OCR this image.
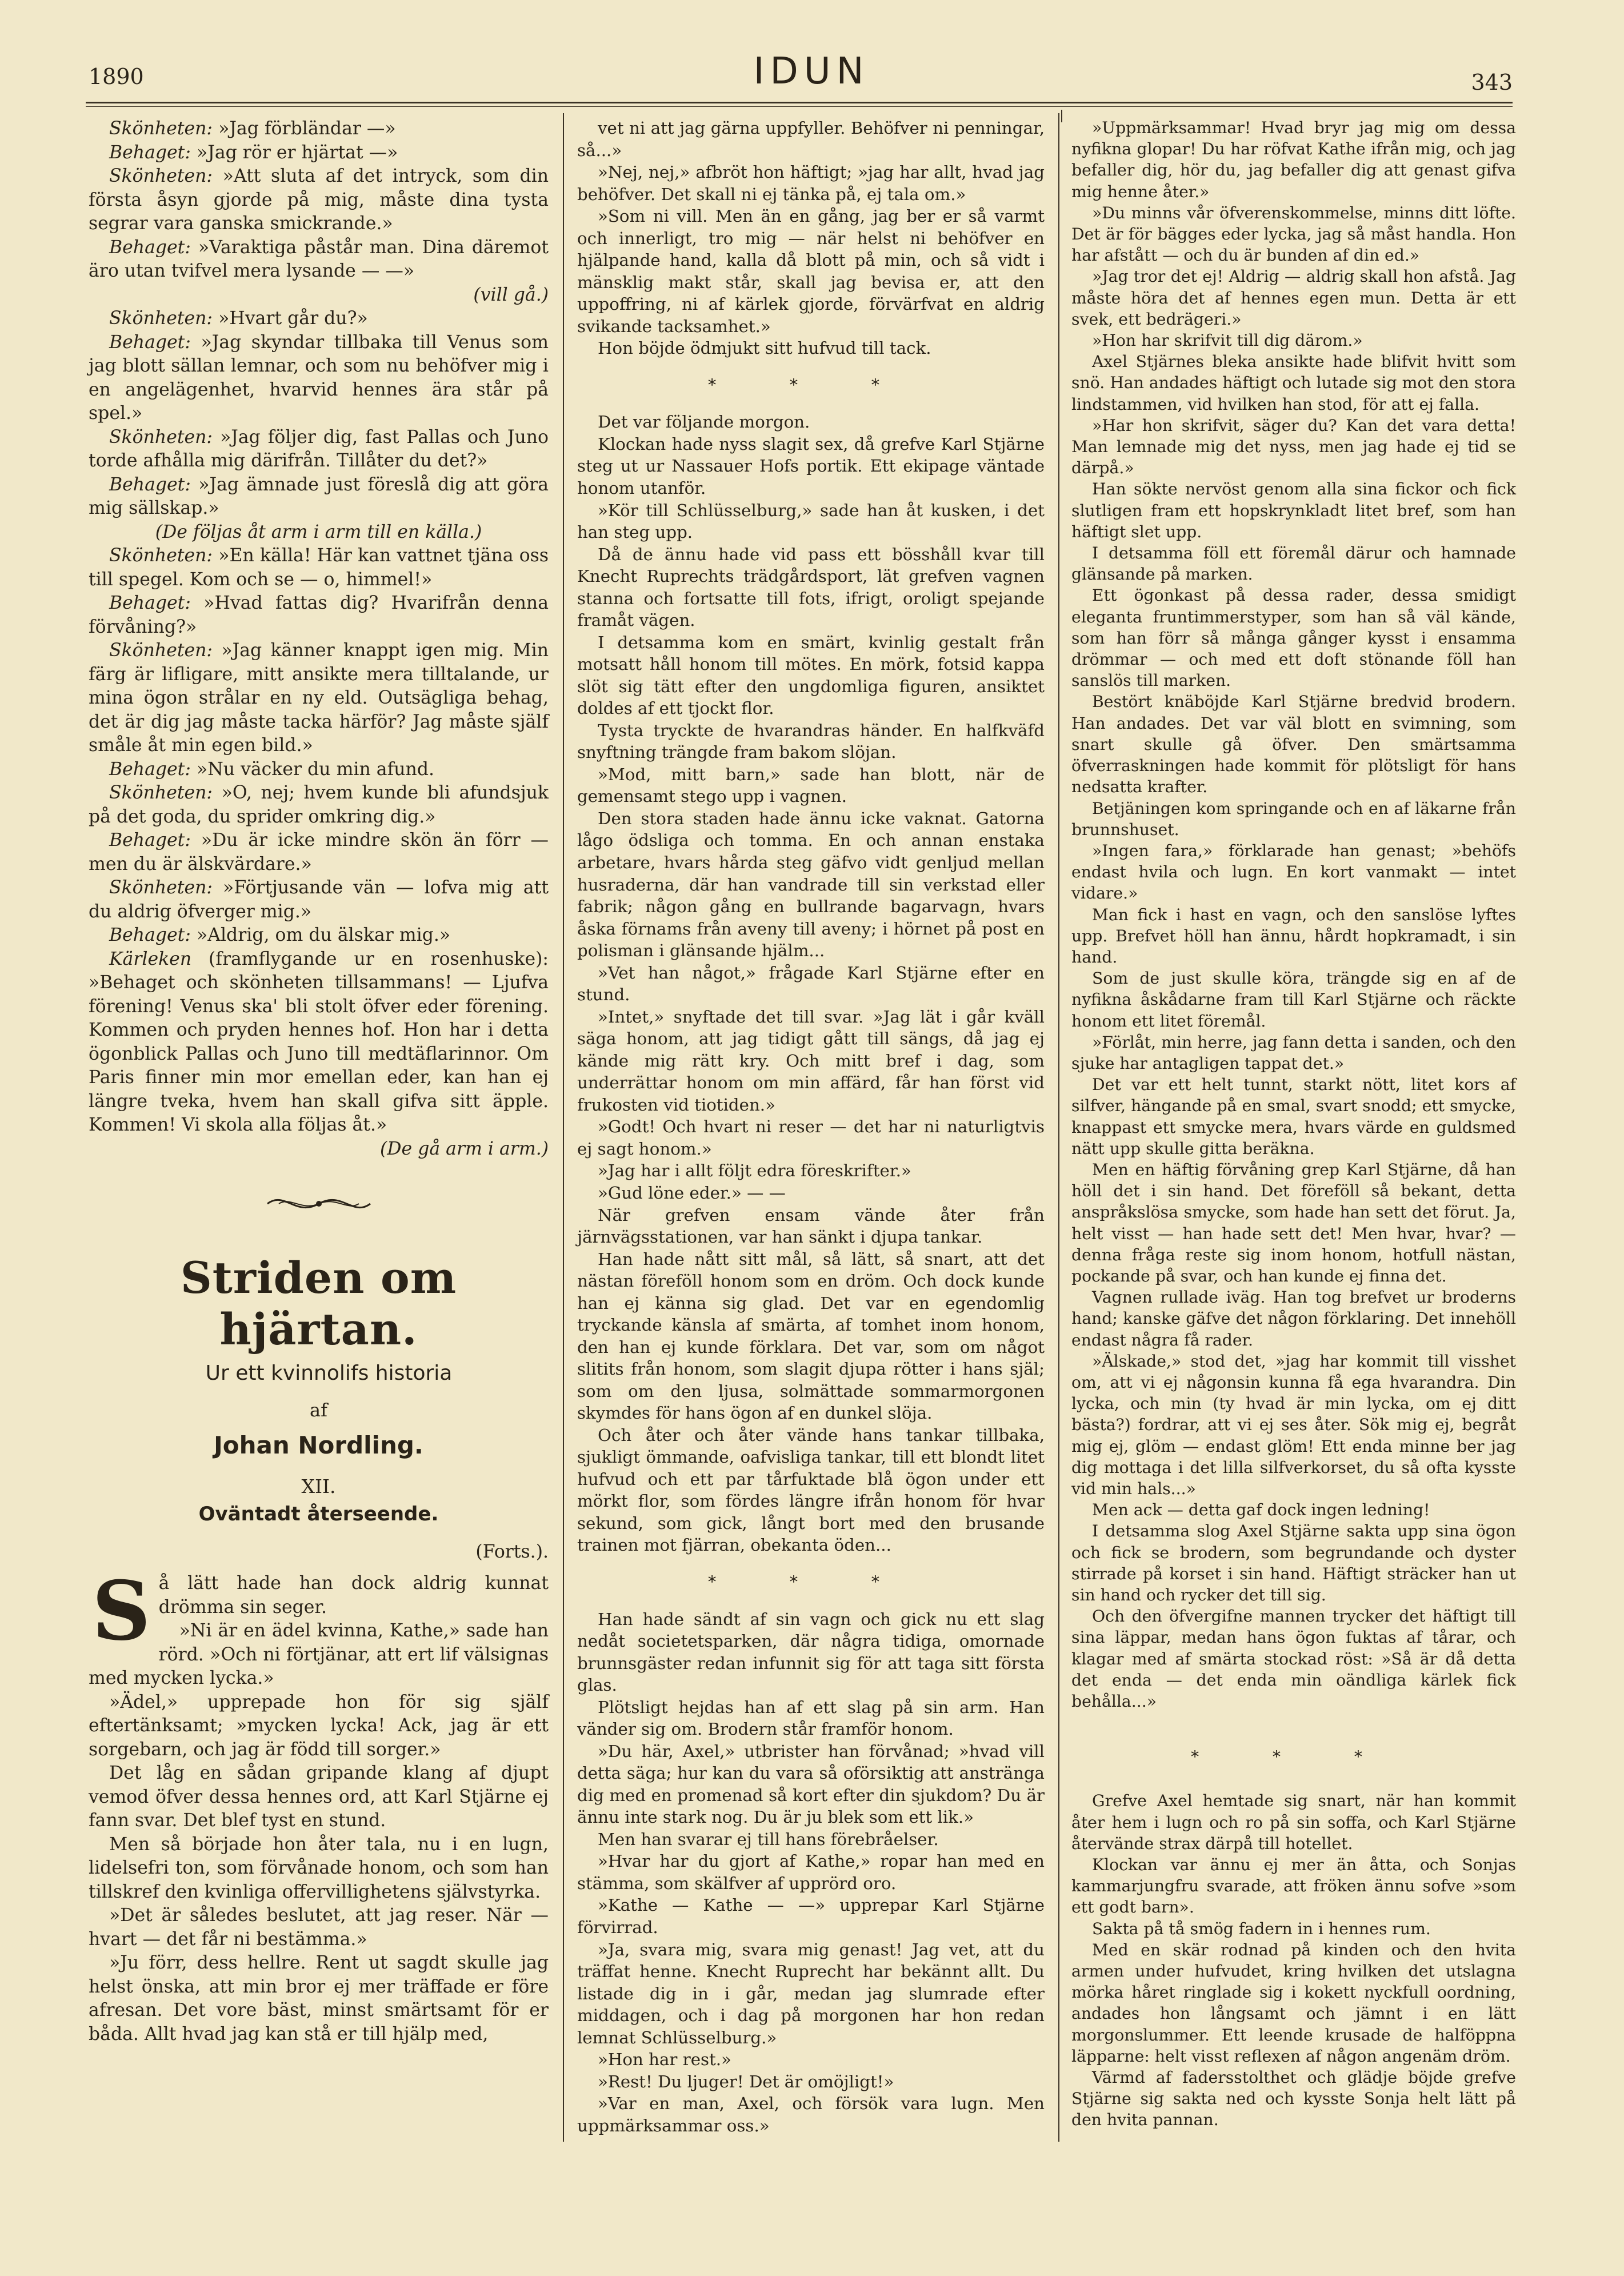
1890	IDUN	343

Skönheten: »Jag förbländar —»

Behaget: »Jag rör er hjärtat —»

Skönheten: »Att sluta af det intryck, som din första åsyn gjorde på mig, måste dina tysta segrar vara ganska smickrande.»

Behaget: »Varaktiga påstår man. Dina däremot äro utan tvifvel mera lysande — —»

(vill gå.)

Skönheten: »Hvart går du?»

Behaget: »Jag skyndar tillbaka till Venus som jag blott sällan lemnar, och som nu behöfver mig i en angelägenhet, hvarvid hennes ära står på spel.»

Skönheten: »Jag följer dig, fast Pallas och Juno torde afhålla mig därifrån. Tillåter du det?»

Behaget: »Jag ämnade just föreslå dig att göra mig sällskap.»

(De följas åt arm i arm till en källa.)

Skönheten: »En källa! Här kan vattnet tjäna oss till spegel. Kom och se — o, himmel!»

Behaget: »Hvad fattas dig? Hvarifrån denna förvåning?»

Skönheten: »Jag känner knappt igen mig. Min färg är lifligare, mitt ansikte mera tilltalande, ur mina ögon strålar en ny eld. Outsägliga behag, det är dig jag måste tacka härför? Jag måste själf småle åt min egen bild.»

Behaget: »Nu väcker du min afund.

Skönheten: »O, nej; hvem kunde bli afundsjuk på det goda, du sprider omkring dig.»

Behaget: »Du är icke mindre skön än förr — men du är älskvärdare.»

Skönheten: »Förtjusande vän — lofva mig att du aldrig öfverger mig.»

Behaget: »Aldrig, om du älskar mig.»

Kärleken (framflygande ur en rosenhuske): »Behaget och skönheten tillsammans! — Ljufva förening! Venus ska' bli stolt öfver eder förening. Kommen och pryden hennes hof. Hon har i detta ögonblick Pallas och Juno till medtäflarinnor. Om Paris finner min mor emellan eder, kan han ej längre tveka, hvem han skall gifva sitt äpple. Kommen! Vi skola alla följas åt.»

(De gå arm i arm.)

Striden om hjärtan.

Ur ett kvinnolifs historia

af
Johan Nordling.
XII.
Oväntadt återseende.

(Forts.).

Så lätt hade han dock aldrig kunnat drömma sin seger.

»Ni är en ädel kvinna, Kathe,» sade han rörd. »Och ni förtjänar, att ert lif välsignas med mycken lycka.»

»Ädel,» upprepade hon för sig själf eftertänksamt; »mycken lycka! Ack, jag är ett sorgebarn, och jag är född till sorger.»

Det låg en sådan gripande klang af djupt vemod öfver dessa hennes ord, att Karl Stjärne ej fann svar. Det blef tyst en stund.

Men så började hon åter tala, nu i en lugn, lidelsefri ton, som förvånade honom, och som han tillskref den kvinliga offervillighetens självstyrka.

»Det är således beslutet, att jag reser. När — hvart — det får ni bestämma.»

»Ju förr, dess hellre. Rent ut sagdt skulle jag helst önska, att min bror ej mer träffade er före afresan. Det vore bäst, minst smärtsamt för er båda. Allt hvad jag kan stå er till hjälp med,

vet ni att jag gärna uppfyller. Behöfver ni penningar, så...»

»Nej, nej,» afbröt hon häftigt; »jag har allt, hvad jag behöfver. Det skall ni ej tänka på, ej tala om.»

»Som ni vill. Men än en gång, jag ber er så varmt och innerligt, tro mig — när helst ni behöfver en hjälpande hand, kalla då blott på min, och så vidt i mänsklig makt står, skall jag bevisa er, att den uppoffring, ni af kärlek gjorde, förvärfvat en aldrig svikande tacksamhet.»

Hon böjde ödmjukt sitt hufvud till tack.

* * *

Det var följande morgon.

Klockan hade nyss slagit sex, då grefve Karl Stjärne steg ut ur Nassauer Hofs portik. Ett ekipage väntade honom utanför.

»Kör till Schlüsselburg,» sade han åt kusken, i det han steg upp.

Då de ännu hade vid pass ett bösshåll kvar till Knecht Ruprechts trädgårdsport, lät grefven vagnen stanna och fortsatte till fots, ifrigt, oroligt spejande framåt vägen.

I detsamma kom en smärt, kvinlig gestalt från motsatt håll honom till mötes. En mörk, fotsid kappa slöt sig tätt efter den ungdomliga figuren, ansiktet doldes af ett tjockt flor.

Tysta tryckte de hvarandras händer. En halfkväfd snyftning trängde fram bakom slöjan.

»Mod, mitt barn,» sade han blott, när de gemensamt stego upp i vagnen.

Den stora staden hade ännu icke vaknat. Gatorna lågo ödsliga och tomma. En och annan enstaka arbetare, hvars hårda steg gäfvo vidt genljud mellan husraderna, där han vandrade till sin verkstad eller fabrik; någon gång en bullrande bagarvagn, hvars åska förnams från aveny till aveny; i hörnet på post en polisman i glänsande hjälm...

»Vet han något,» frågade Karl Stjärne efter en stund.

»Intet,» snyftade det till svar. »Jag lät i går kväll säga honom, att jag tidigt gått till sängs, då jag ej kände mig rätt kry. Och mitt bref i dag, som underrättar honom om min affärd, får han först vid frukosten vid tiotiden.»

»Godt! Och hvart ni reser — det har ni naturligtvis ej sagt honom.»

»Jag har i allt följt edra föreskrifter.»

»Gud löne eder.» — —

När grefven ensam vände åter från järnvägsstationen, var han sänkt i djupa tankar.

Han hade nått sitt mål, så lätt, så snart, att det nästan föreföll honom som en dröm. Och dock kunde han ej känna sig glad. Det var en egendomlig tryckande känsla af smärta, af tomhet inom honom, den han ej kunde förklara. Det var, som om något slitits från honom, som slagit djupa rötter i hans själ; som om den ljusa, solmättade sommarmorgonen skymdes för hans ögon af en dunkel slöja.

Och åter och åter vände hans tankar tillbaka, sjukligt ömmande, oafvisliga tankar, till ett blondt litet hufvud och ett par tårfuktade blå ögon under ett mörkt flor, som fördes längre ifrån honom för hvar sekund, som gick, långt bort med den brusande trainen mot fjärran, obekanta öden...

* * *

Han hade sändt af sin vagn och gick nu ett slag nedåt societetsparken, där några tidiga, omornade brunnsgäster redan infunnit sig för att taga sitt första glas.

Plötsligt hejdas han af ett slag på sin arm. Han vänder sig om. Brodern står framför honom.

»Du här, Axel,» utbrister han förvånad; »hvad vill detta säga; hur kan du vara så oförsiktig att anstränga dig med en promenad så kort efter din sjukdom? Du är ännu inte stark nog. Du är ju blek som ett lik.»

Men han svarar ej till hans förebråelser.

»Hvar har du gjort af Kathe,» ropar han med en stämma, som skälfver af upprörd oro.

»Kathe — Kathe — —» upprepar Karl Stjärne förvirrad.

»Ja, svara mig, svara mig genast! Jag vet, att du träffat henne. Knecht Ruprecht har bekännt allt. Du listade dig in i går, medan jag slumrade efter middagen, och i dag på morgonen har hon redan lemnat Schlüsselburg.»

»Hon har rest.»

»Rest! Du ljuger! Det är omöjligt!»

»Var en man, Axel, och försök vara lugn. Men uppmärksammar oss.»

»Uppmärksammar! Hvad bryr jag mig om dessa nyfikna glopar! Du har röfvat Kathe ifrån mig, och jag befaller dig, hör du, jag befaller dig att genast gifva mig henne åter.»

»Du minns vår öfverenskommelse, minns ditt löfte. Det är för bägges eder lycka, jag så måst handla. Hon har afstått — och du är bunden af din ed.»

»Jag tror det ej! Aldrig — aldrig skall hon afstå. Jag måste höra det af hennes egen mun. Detta är ett svek, ett bedrägeri.»

»Hon har skrifvit till dig därom.»

Axel Stjärnes bleka ansikte hade blifvit hvitt som snö. Han andades häftigt och lutade sig mot den stora lindstammen, vid hvilken han stod, för att ej falla.

»Har hon skrifvit, säger du? Kan det vara detta! Man lemnade mig det nyss, men jag hade ej tid se därpå.»

Han sökte nervöst genom alla sina fickor och fick slutligen fram ett hopskrynkladt litet bref, som han häftigt slet upp.

I detsamma föll ett föremål därur och hamnade glänsande på marken.

Ett ögonkast på dessa rader, dessa smidigt eleganta fruntimmerstyper, som han så väl kände, som han förr så många gånger kysst i ensamma drömmar — och med ett doft stönande föll han sanslös till marken.

Bestört knäböjde Karl Stjärne bredvid brodern. Han andades. Det var väl blott en svimning, som snart skulle gå öfver. Den smärtsamma öfverraskningen hade kommit för plötsligt för hans nedsatta krafter.

Betjäningen kom springande och en af läkarne från brunnshuset.

»Ingen fara,» förklarade han genast; »behöfs endast hvila och lugn. En kort vanmakt — intet vidare.»

Man fick i hast en vagn, och den sanslöse lyftes upp. Brefvet höll han ännu, hårdt hopkramadt, i sin hand.

Som de just skulle köra, trängde sig en af de nyfikna åskådarne fram till Karl Stjärne och räckte honom ett litet föremål.

»Förlåt, min herre, jag fann detta i sanden, och den sjuke har antagligen tappat det.»

Det var ett helt tunnt, starkt nött, litet kors af silfver, hängande på en smal, svart snodd; ett smycke, knappast ett smycke mera, hvars värde en guldsmed nätt upp skulle gitta beräkna.

Men en häftig förvåning grep Karl Stjärne, då han höll det i sin hand. Det föreföll så bekant, detta anspråkslösa smycke, som hade han sett det förut. Ja, helt visst — han hade sett det! Men hvar, hvar? — denna fråga reste sig inom honom, hotfull nästan, pockande på svar, och han kunde ej finna det.

Vagnen rullade iväg. Han tog brefvet ur broderns hand; kanske gäfve det någon förklaring. Det innehöll endast några få rader.

»Älskade,» stod det, »jag har kommit till visshet om, att vi ej någonsin kunna få ega hvarandra. Din lycka, och min (ty hvad är min lycka, om ej ditt bästa?) fordrar, att vi ej ses åter. Sök mig ej, begråt mig ej, glöm — endast glöm! Ett enda minne ber jag dig mottaga i det lilla silfverkorset, du så ofta kysste vid min hals...»

Men ack — detta gaf dock ingen ledning!

I detsamma slog Axel Stjärne sakta upp sina ögon och fick se brodern, som begrundande och dyster stirrade på korset i sin hand. Häftigt sträcker han ut sin hand och rycker det till sig.

Och den öfvergifne mannen trycker det häftigt till sina läppar, medan hans ögon fuktas af tårar, och klagar med af smärta stockad röst: »Så är då detta det enda — det enda min oändliga kärlek fick behålla...»

* * *

Grefve Axel hemtade sig snart, när han kommit åter hem i lugn och ro på sin soffa, och Karl Stjärne återvände strax därpå till hotellet.

Klockan var ännu ej mer än åtta, och Sonjas kammarjungfru svarade, att fröken ännu sofve »som ett godt barn».

Sakta på tå smög fadern in i hennes rum.

Med en skär rodnad på kinden och den hvita armen under hufvudet, kring hvilken det utslagna mörka håret ringlade sig i kokett nyckfull oordning, andades hon långsamt och jämnt i en lätt morgonslummer. Ett leende krusade de halföppna läpparne: helt visst reflexen af någon angenäm dröm.

Värmd af fadersstolthet och glädje böjde grefve Stjärne sig sakta ned och kysste Sonja helt lätt på den hvita pannan.
